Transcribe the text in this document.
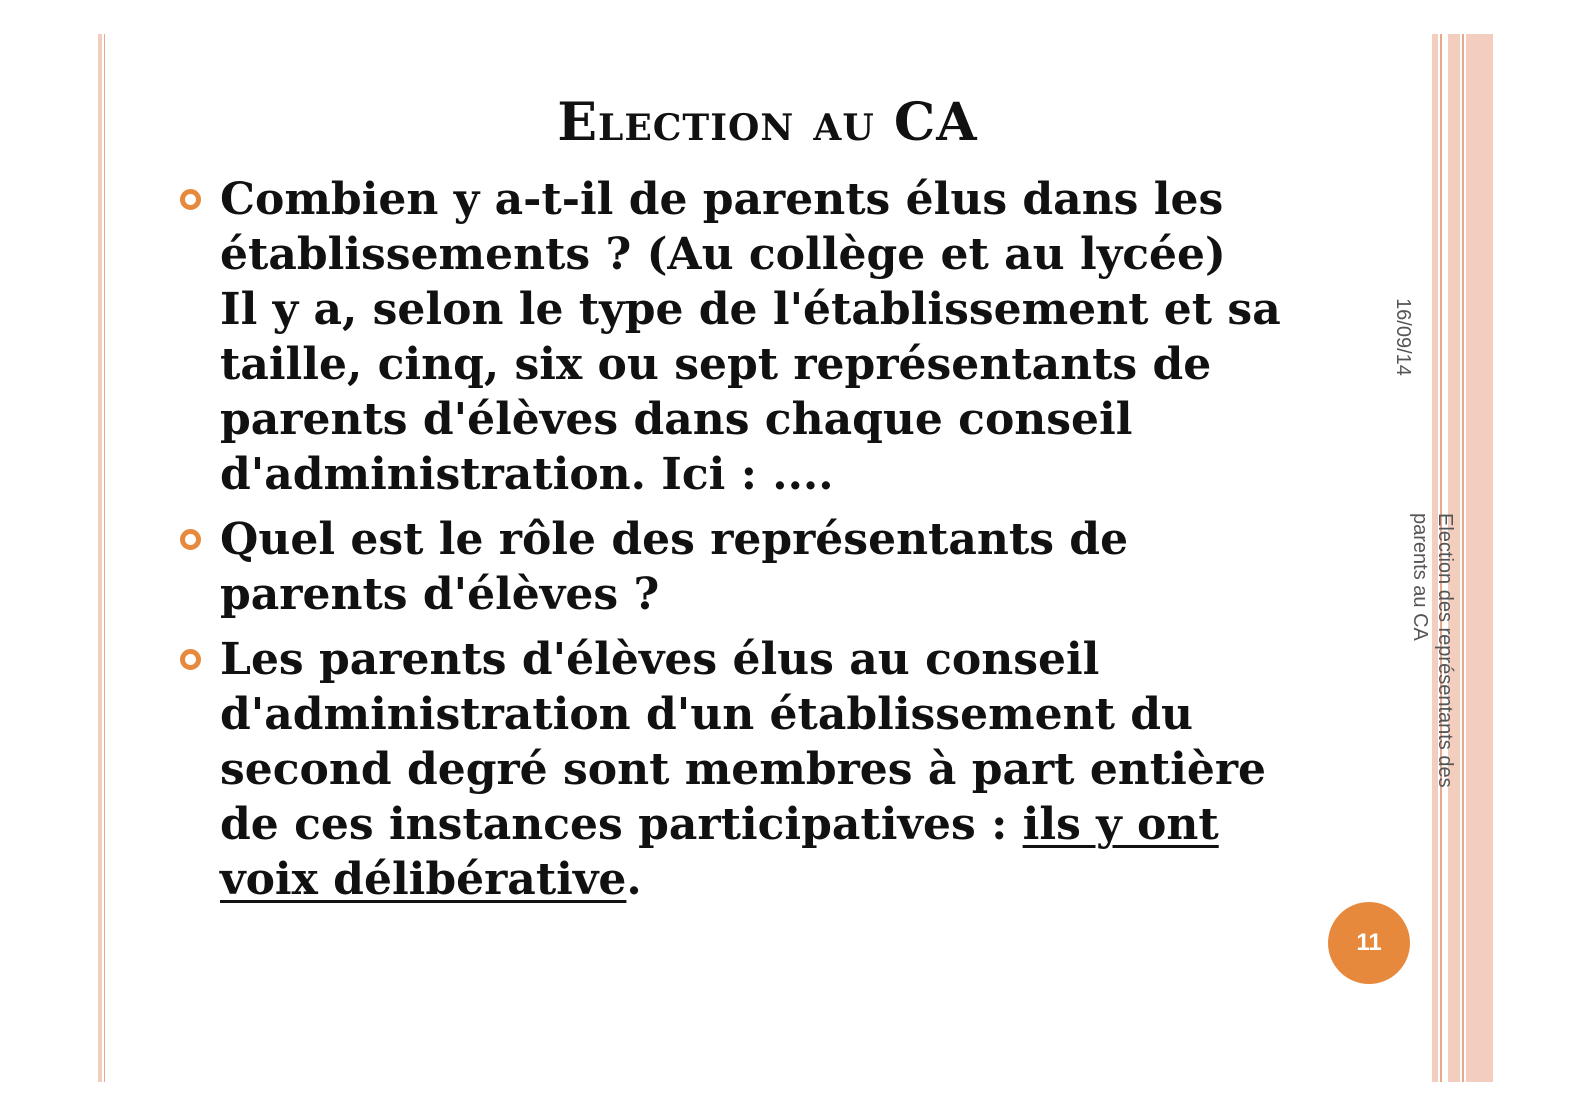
Election au CA

Combien y a-t-il de parents élus dans les
établissements ? (Au collège et au lycée)
Il y a, selon le type de l'établissement et sa
taille, cinq, six ou sept représentants de
parents d'élèves dans chaque conseil
d'administration. Ici : ....

Quel est le rôle des représentants de
parents d'élèves ?

Les parents d'élèves élus au conseil
d'administration d'un établissement du
second degré sont membres à part entière
de ces instances participatives : ils y ont
voix délibérative.

16/09/14
Election des représentants des parents au CA
11
